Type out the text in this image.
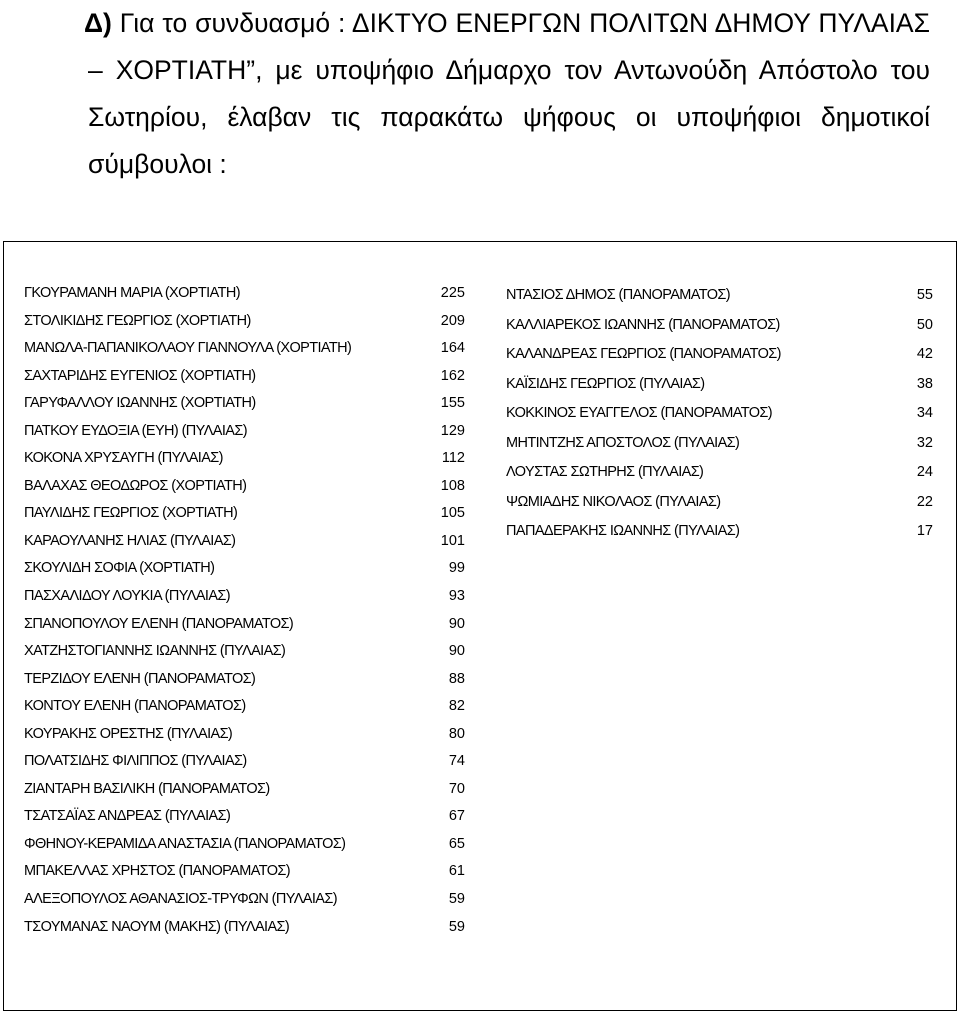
Δ) Για το συνδυασμό : ΔΙΚΤΥΟ ΕΝΕΡΓΩΝ ΠΟΛΙΤΩΝ ΔΗΜΟΥ ΠΥΛΑΙΑΣ – ΧΟΡΤΙΑΤΗ”, με υποψήφιο Δήμαρχο τον Αντωνούδη Απόστολο του Σωτηρίου, έλαβαν τις παρακάτω ψήφους οι υποψήφιοι δημοτικοί σύμβουλοι :
ΓΚΟΥΡΑΜΑΝΗ ΜΑΡΙΑ (ΧΟΡΤΙΑΤΗ)	225
ΣΤΟΛΙΚΙΔΗΣ ΓΕΩΡΓΙΟΣ (ΧΟΡΤΙΑΤΗ)	209
ΜΑΝΩΛΑ-ΠΑΠΑΝΙΚΟΛΑΟΥ ΓΙΑΝΝΟΥΛΑ (ΧΟΡΤΙΑΤΗ)	164
ΣΑΧΤΑΡΙΔΗΣ ΕΥΓΕΝΙΟΣ (ΧΟΡΤΙΑΤΗ)	162
ΓΑΡΥΦΑΛΛΟΥ ΙΩΑΝΝΗΣ (ΧΟΡΤΙΑΤΗ)	155
ΠΑΤΚΟΥ ΕΥΔΟΞΙΑ (ΕΥΗ) (ΠΥΛΑΙΑΣ)	129
ΚΟΚΟΝΑ ΧΡΥΣΑΥΓΗ (ΠΥΛΑΙΑΣ)	112
ΒΑΛΑΧΑΣ ΘΕΟΔΩΡΟΣ (ΧΟΡΤΙΑΤΗ)	108
ΠΑΥΛΙΔΗΣ ΓΕΩΡΓΙΟΣ (ΧΟΡΤΙΑΤΗ)	105
ΚΑΡΑΟΥΛΑΝΗΣ ΗΛΙΑΣ (ΠΥΛΑΙΑΣ)	101
ΣΚΟΥΛΙΔΗ ΣΟΦΙΑ (ΧΟΡΤΙΑΤΗ)	99
ΠΑΣΧΑΛΙΔΟΥ ΛΟΥΚΙΑ (ΠΥΛΑΙΑΣ)	93
ΣΠΑΝΟΠΟΥΛΟΥ ΕΛΕΝΗ (ΠΑΝΟΡΑΜΑΤΟΣ)	90
ΧΑΤΖΗΣΤΟΓΙΑΝΝΗΣ ΙΩΑΝΝΗΣ (ΠΥΛΑΙΑΣ)	90
ΤΕΡΖΙΔΟΥ ΕΛΕΝΗ (ΠΑΝΟΡΑΜΑΤΟΣ)	88
ΚΟΝΤΟΥ ΕΛΕΝΗ (ΠΑΝΟΡΑΜΑΤΟΣ)	82
ΚΟΥΡΑΚΗΣ ΟΡΕΣΤΗΣ (ΠΥΛΑΙΑΣ)	80
ΠΟΛΑΤΣΙΔΗΣ ΦΙΛΙΠΠΟΣ (ΠΥΛΑΙΑΣ)	74
ΖΙΑΝΤΑΡΗ ΒΑΣΙΛΙΚΗ (ΠΑΝΟΡΑΜΑΤΟΣ)	70
ΤΣΑΤΣΑΪΑΣ ΑΝΔΡΕΑΣ (ΠΥΛΑΙΑΣ)	67
ΦΘΗΝΟΥ-ΚΕΡΑΜΙΔΑ ΑΝΑΣΤΑΣΙΑ (ΠΑΝΟΡΑΜΑΤΟΣ)	65
ΜΠΑΚΕΛΛΑΣ ΧΡΗΣΤΟΣ (ΠΑΝΟΡΑΜΑΤΟΣ)	61
ΑΛΕΞΟΠΟΥΛΟΣ ΑΘΑΝΑΣΙΟΣ-ΤΡΥΦΩΝ (ΠΥΛΑΙΑΣ)	59
ΤΣΟΥΜΑΝΑΣ ΝΑΟΥΜ (ΜΑΚΗΣ) (ΠΥΛΑΙΑΣ)	59
ΝΤΑΣΙΟΣ ΔΗΜΟΣ (ΠΑΝΟΡΑΜΑΤΟΣ)	55
ΚΑΛΛΙΑΡΕΚΟΣ ΙΩΑΝΝΗΣ (ΠΑΝΟΡΑΜΑΤΟΣ)	50
ΚΑΛΑΝΔΡΕΑΣ ΓΕΩΡΓΙΟΣ (ΠΑΝΟΡΑΜΑΤΟΣ)	42
ΚΑΪΣΙΔΗΣ ΓΕΩΡΓΙΟΣ (ΠΥΛΑΙΑΣ)	38
ΚΟΚΚΙΝΟΣ ΕΥΑΓΓΕΛΟΣ (ΠΑΝΟΡΑΜΑΤΟΣ)	34
ΜΗΤΙΝΤΖΗΣ ΑΠΟΣΤΟΛΟΣ (ΠΥΛΑΙΑΣ)	32
ΛΟΥΣΤΑΣ ΣΩΤΗΡΗΣ (ΠΥΛΑΙΑΣ)	24
ΨΩΜΙΑΔΗΣ ΝΙΚΟΛΑΟΣ (ΠΥΛΑΙΑΣ)	22
ΠΑΠΑΔΕΡΑΚΗΣ ΙΩΑΝΝΗΣ (ΠΥΛΑΙΑΣ)	17
